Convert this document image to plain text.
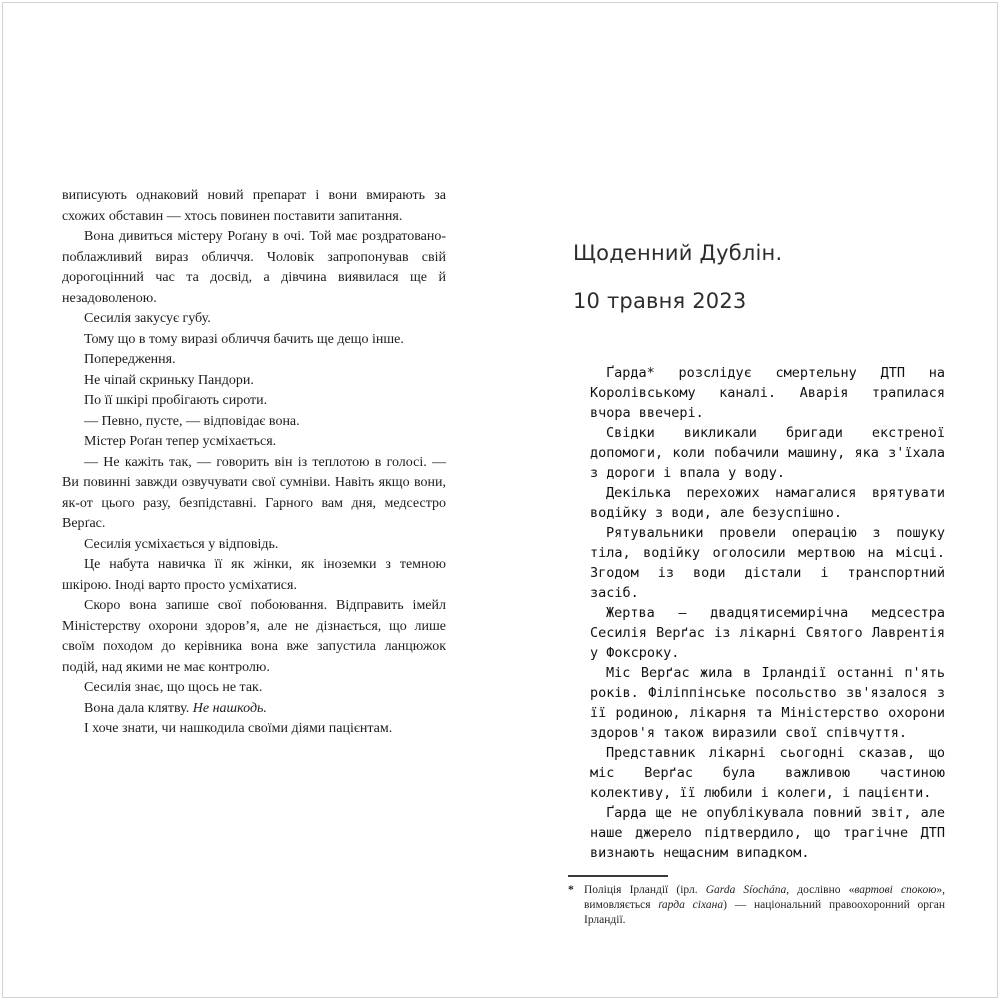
виписують однаковий новий препарат і вони вмирають за схожих обставин — хтось повинен поставити запитання.

Вона дивиться містеру Роґану в очі. Той має роздратовано-поблажливий вираз обличчя. Чоловік запропонував свій дорогоцінний час та досвід, а дівчина виявилася ще й незадоволеною.

Сесилія закусує губу.

Тому що в тому виразі обличчя бачить ще дещо інше.

Попередження.

Не чіпай скриньку Пандори.

По її шкірі пробігають сироти.

— Певно, пусте, — відповідає вона.

Містер Роґан тепер усміхається.

— Не кажіть так, — говорить він із теплотою в голосі. — Ви повинні завжди озвучувати свої сумніви. Навіть якщо вони, як-от цього разу, безпідставні. Гарного вам дня, медсестро Верґас.

Сесилія усміхається у відповідь.

Це набута навичка її як жінки, як іноземки з темною шкірою. Іноді варто просто усміхатися.

Скоро вона запише свої побоювання. Відправить імейл Міністерству охорони здоров’я, але не дізнається, що лише своїм походом до керівника вона вже запустила ланцюжок подій, над якими не має контролю.

Сесилія знає, що щось не так.

Вона дала клятву. Не нашкодь.

І хоче знати, чи нашкодила своїми діями пацієнтам.

Щоденний Дублін.
10 травня 2023

Ґарда* розслідує смертельну ДТП на Королівському каналі. Аварія трапилася вчора ввечері.

Свідки викликали бригади екстреної допомоги, коли побачили машину, яка з'їхала з дороги і впала у воду.

Декілька перехожих намагалися врятувати водійку з води, але безуспішно.

Рятувальники провели операцію з пошуку тіла, водійку оголосили мертвою на місці. Згодом із води дістали і транспортний засіб.

Жертва — двадцятисемирічна медсестра Сесилія Верґас із лікарні Святого Лаврентія у Фоксроку.

Міс Верґас жила в Ірландії останні п'ять років. Філіппінське посольство зв'язалося з її родиною, лікарня та Міністерство охорони здоров'я також виразили свої співчуття.

Представник лікарні сьогодні сказав, що міс Верґас була важливою частиною колективу, її любили і колеги, і пацієнти.

Ґарда ще не опублікувала повний звіт, але наше джерело підтвердило, що трагічне ДТП визнають нещасним випадком.

* Поліція Ірландії (ірл. Garda Síochána, дослівно «вартові спокою», вимовляється ґарда сіхана) — національний правоохоронний орган Ірландії.
